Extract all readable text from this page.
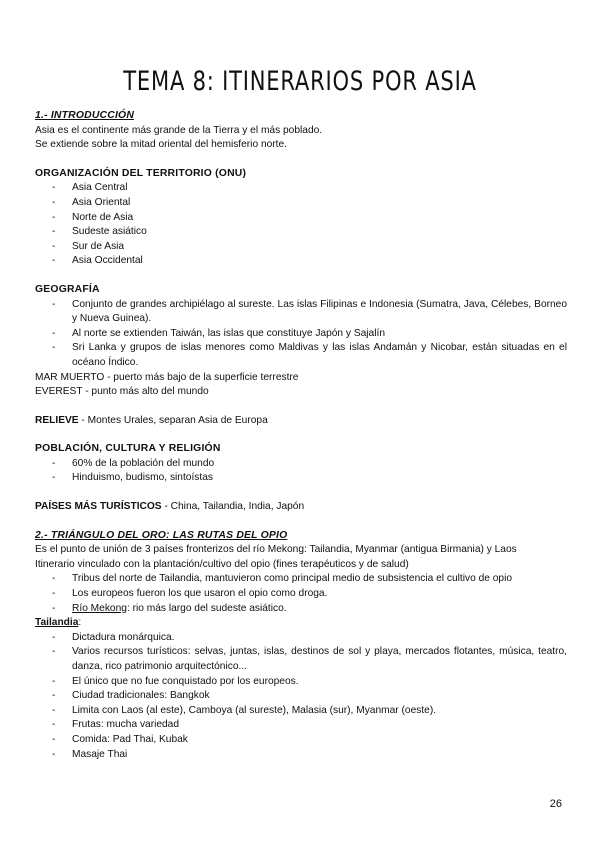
TEMA 8: ITINERARIOS POR ASIA
1.- INTRODUCCIÓN
Asia es el continente más grande de la Tierra y el más poblado.
Se extiende sobre la mitad oriental del hemisferio norte.
ORGANIZACIÓN DEL TERRITORIO (ONU)
- Asia Central
- Asia Oriental
- Norte de Asia
- Sudeste asiático
- Sur de Asia
- Asia Occidental
GEOGRAFÍA
- Conjunto de grandes archipiélago al sureste. Las islas Filipinas e Indonesia (Sumatra, Java, Célebes, Borneo y Nueva Guinea).
- Al norte se extienden Taiwán, las islas que constituye Japón y Sajalín
- Sri Lanka y grupos de islas menores como Maldivas y las islas Andamán y Nicobar, están situadas en el océano Índico.
MAR MUERTO - puerto más bajo de la superficie terrestre
EVEREST - punto más alto del mundo
RELIEVE - Montes Urales, separan Asia de Europa
POBLACIÓN, CULTURA Y RELIGIÓN
- 60% de la población del mundo
- Hinduismo, budismo, sintoístas
PAÍSES MÁS TURÍSTICOS - China, Tailandia, India, Japón
2.- TRIÁNGULO DEL ORO: LAS RUTAS DEL OPIO
Es el punto de unión de 3 países fronterizos del río Mekong: Tailandia, Myanmar (antigua Birmania) y Laos
Itinerario vinculado con la plantación/cultivo del opio (fines terapéuticos y de salud)
- Tribus del norte de Tailandia, mantuvieron como principal medio de subsistencia el cultivo de opio
- Los europeos fueron los que usaron el opio como droga.
- Río Mekong: rio más largo del sudeste asiático.
Tailandia:
- Dictadura monárquica.
- Varios recursos turísticos: selvas, juntas, islas, destinos de sol y playa, mercados flotantes, música, teatro, danza, rico patrimonio arquitectónico...
- El único que no fue conquistado por los europeos.
- Ciudad tradicionales: Bangkok
- Limita con Laos (al este), Camboya (al sureste), Malasia (sur), Myanmar (oeste).
- Frutas: mucha variedad
- Comida: Pad Thai, Kubak
- Masaje Thai
26
